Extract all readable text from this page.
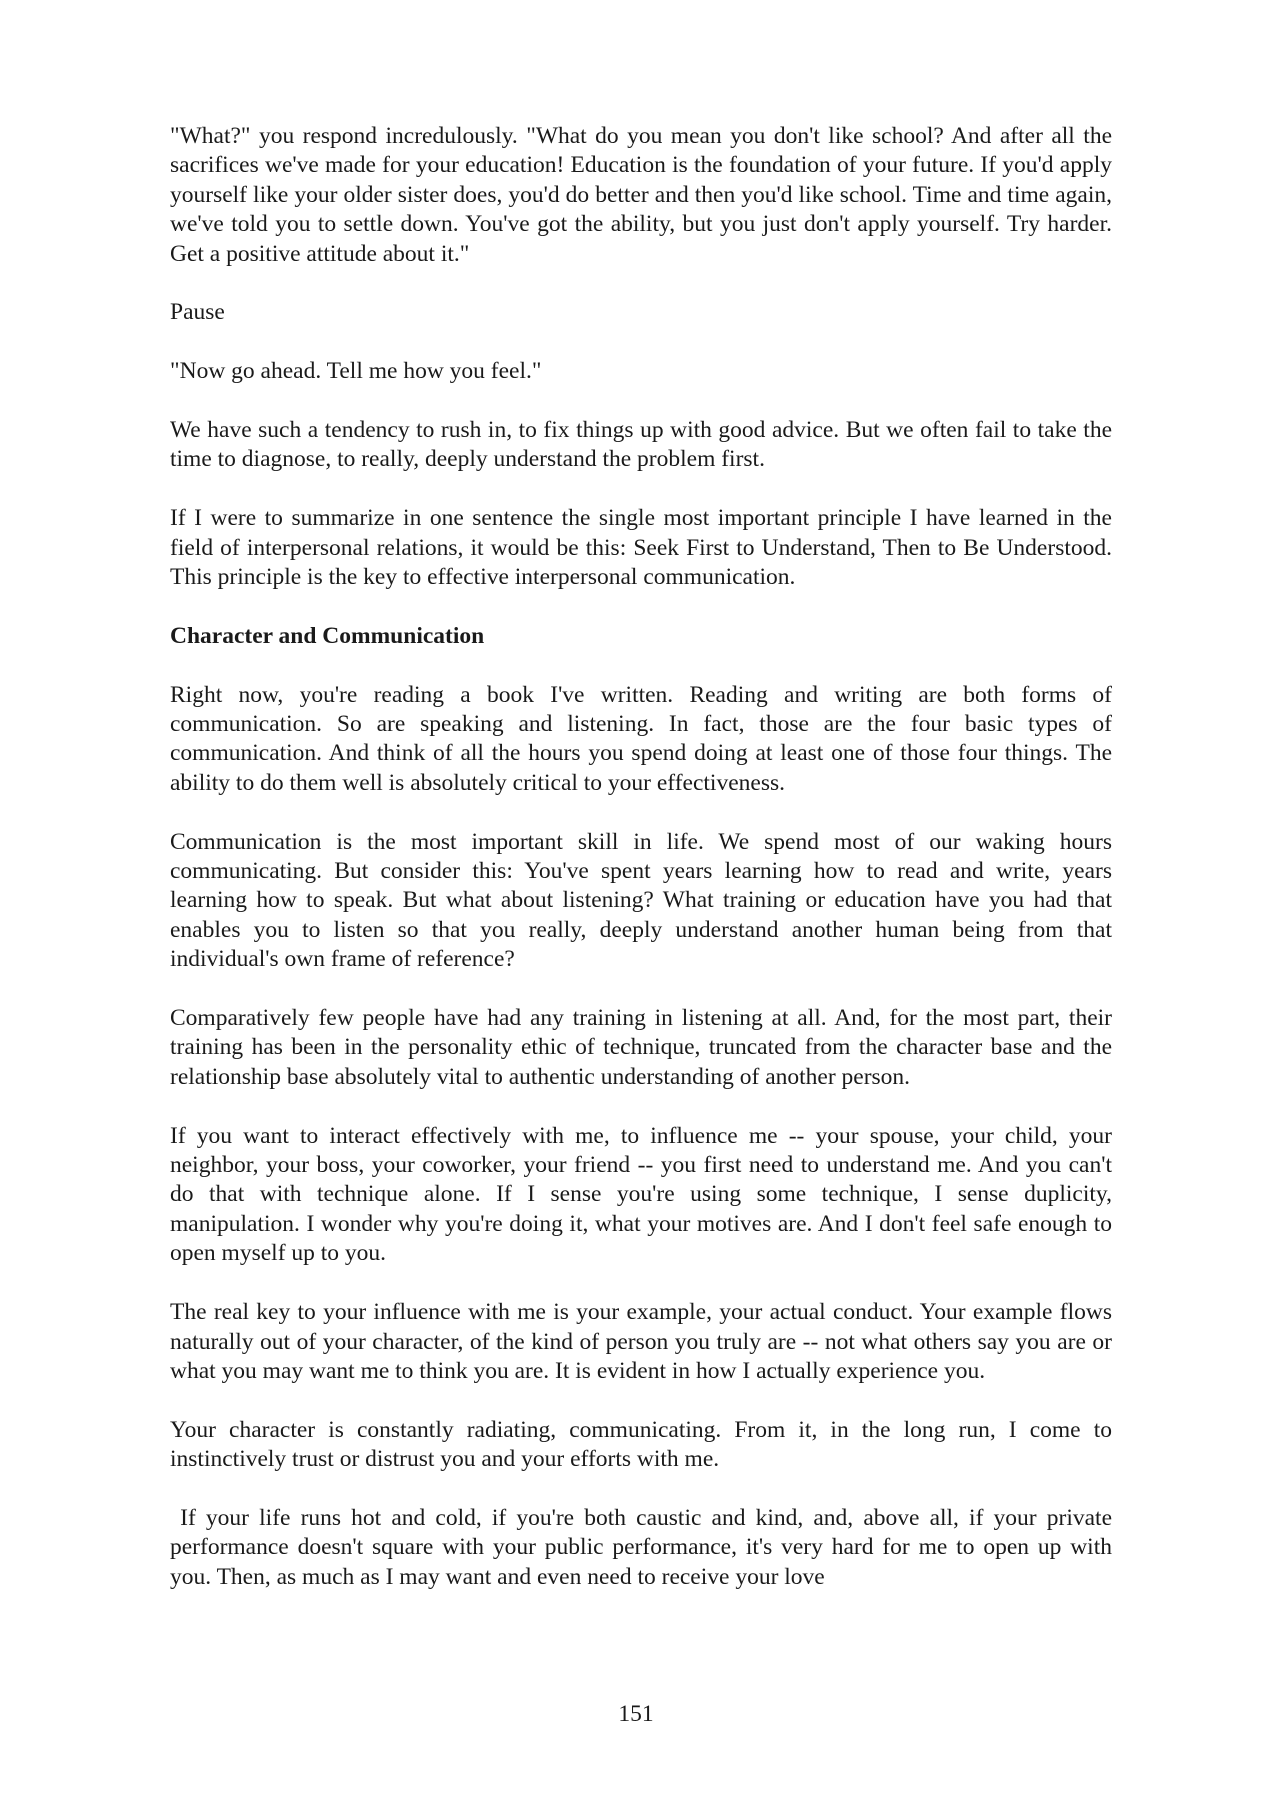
"What?" you respond incredulously. "What do you mean you don't like school? And after all the sacrifices we've made for your education! Education is the foundation of your future. If you'd apply yourself like your older sister does, you'd do better and then you'd like school. Time and time again, we've told you to settle down. You've got the ability, but you just don't apply yourself. Try harder. Get a positive attitude about it."

Pause

"Now go ahead. Tell me how you feel."

We have such a tendency to rush in, to fix things up with good advice. But we often fail to take the time to diagnose, to really, deeply understand the problem first.

If I were to summarize in one sentence the single most important principle I have learned in the field of interpersonal relations, it would be this: Seek First to Understand, Then to Be Understood. This principle is the key to effective interpersonal communication.

Character and Communication

Right now, you're reading a book I've written. Reading and writing are both forms of communication. So are speaking and listening. In fact, those are the four basic types of communication. And think of all the hours you spend doing at least one of those four things. The ability to do them well is absolutely critical to your effectiveness.

Communication is the most important skill in life. We spend most of our waking hours communicating. But consider this: You've spent years learning how to read and write, years learning how to speak. But what about listening? What training or education have you had that enables you to listen so that you really, deeply understand another human being from that individual's own frame of reference?

Comparatively few people have had any training in listening at all. And, for the most part, their training has been in the personality ethic of technique, truncated from the character base and the relationship base absolutely vital to authentic understanding of another person.

If you want to interact effectively with me, to influence me -- your spouse, your child, your neighbor, your boss, your coworker, your friend -- you first need to understand me. And you can't do that with technique alone. If I sense you're using some technique, I sense duplicity, manipulation. I wonder why you're doing it, what your motives are. And I don't feel safe enough to open myself up to you.

The real key to your influence with me is your example, your actual conduct. Your example flows naturally out of your character, of the kind of person you truly are -- not what others say you are or what you may want me to think you are. It is evident in how I actually experience you.

Your character is constantly radiating, communicating. From it, in the long run, I come to instinctively trust or distrust you and your efforts with me.

If your life runs hot and cold, if you're both caustic and kind, and, above all, if your private performance doesn't square with your public performance, it's very hard for me to open up with you. Then, as much as I may want and even need to receive your love

151
